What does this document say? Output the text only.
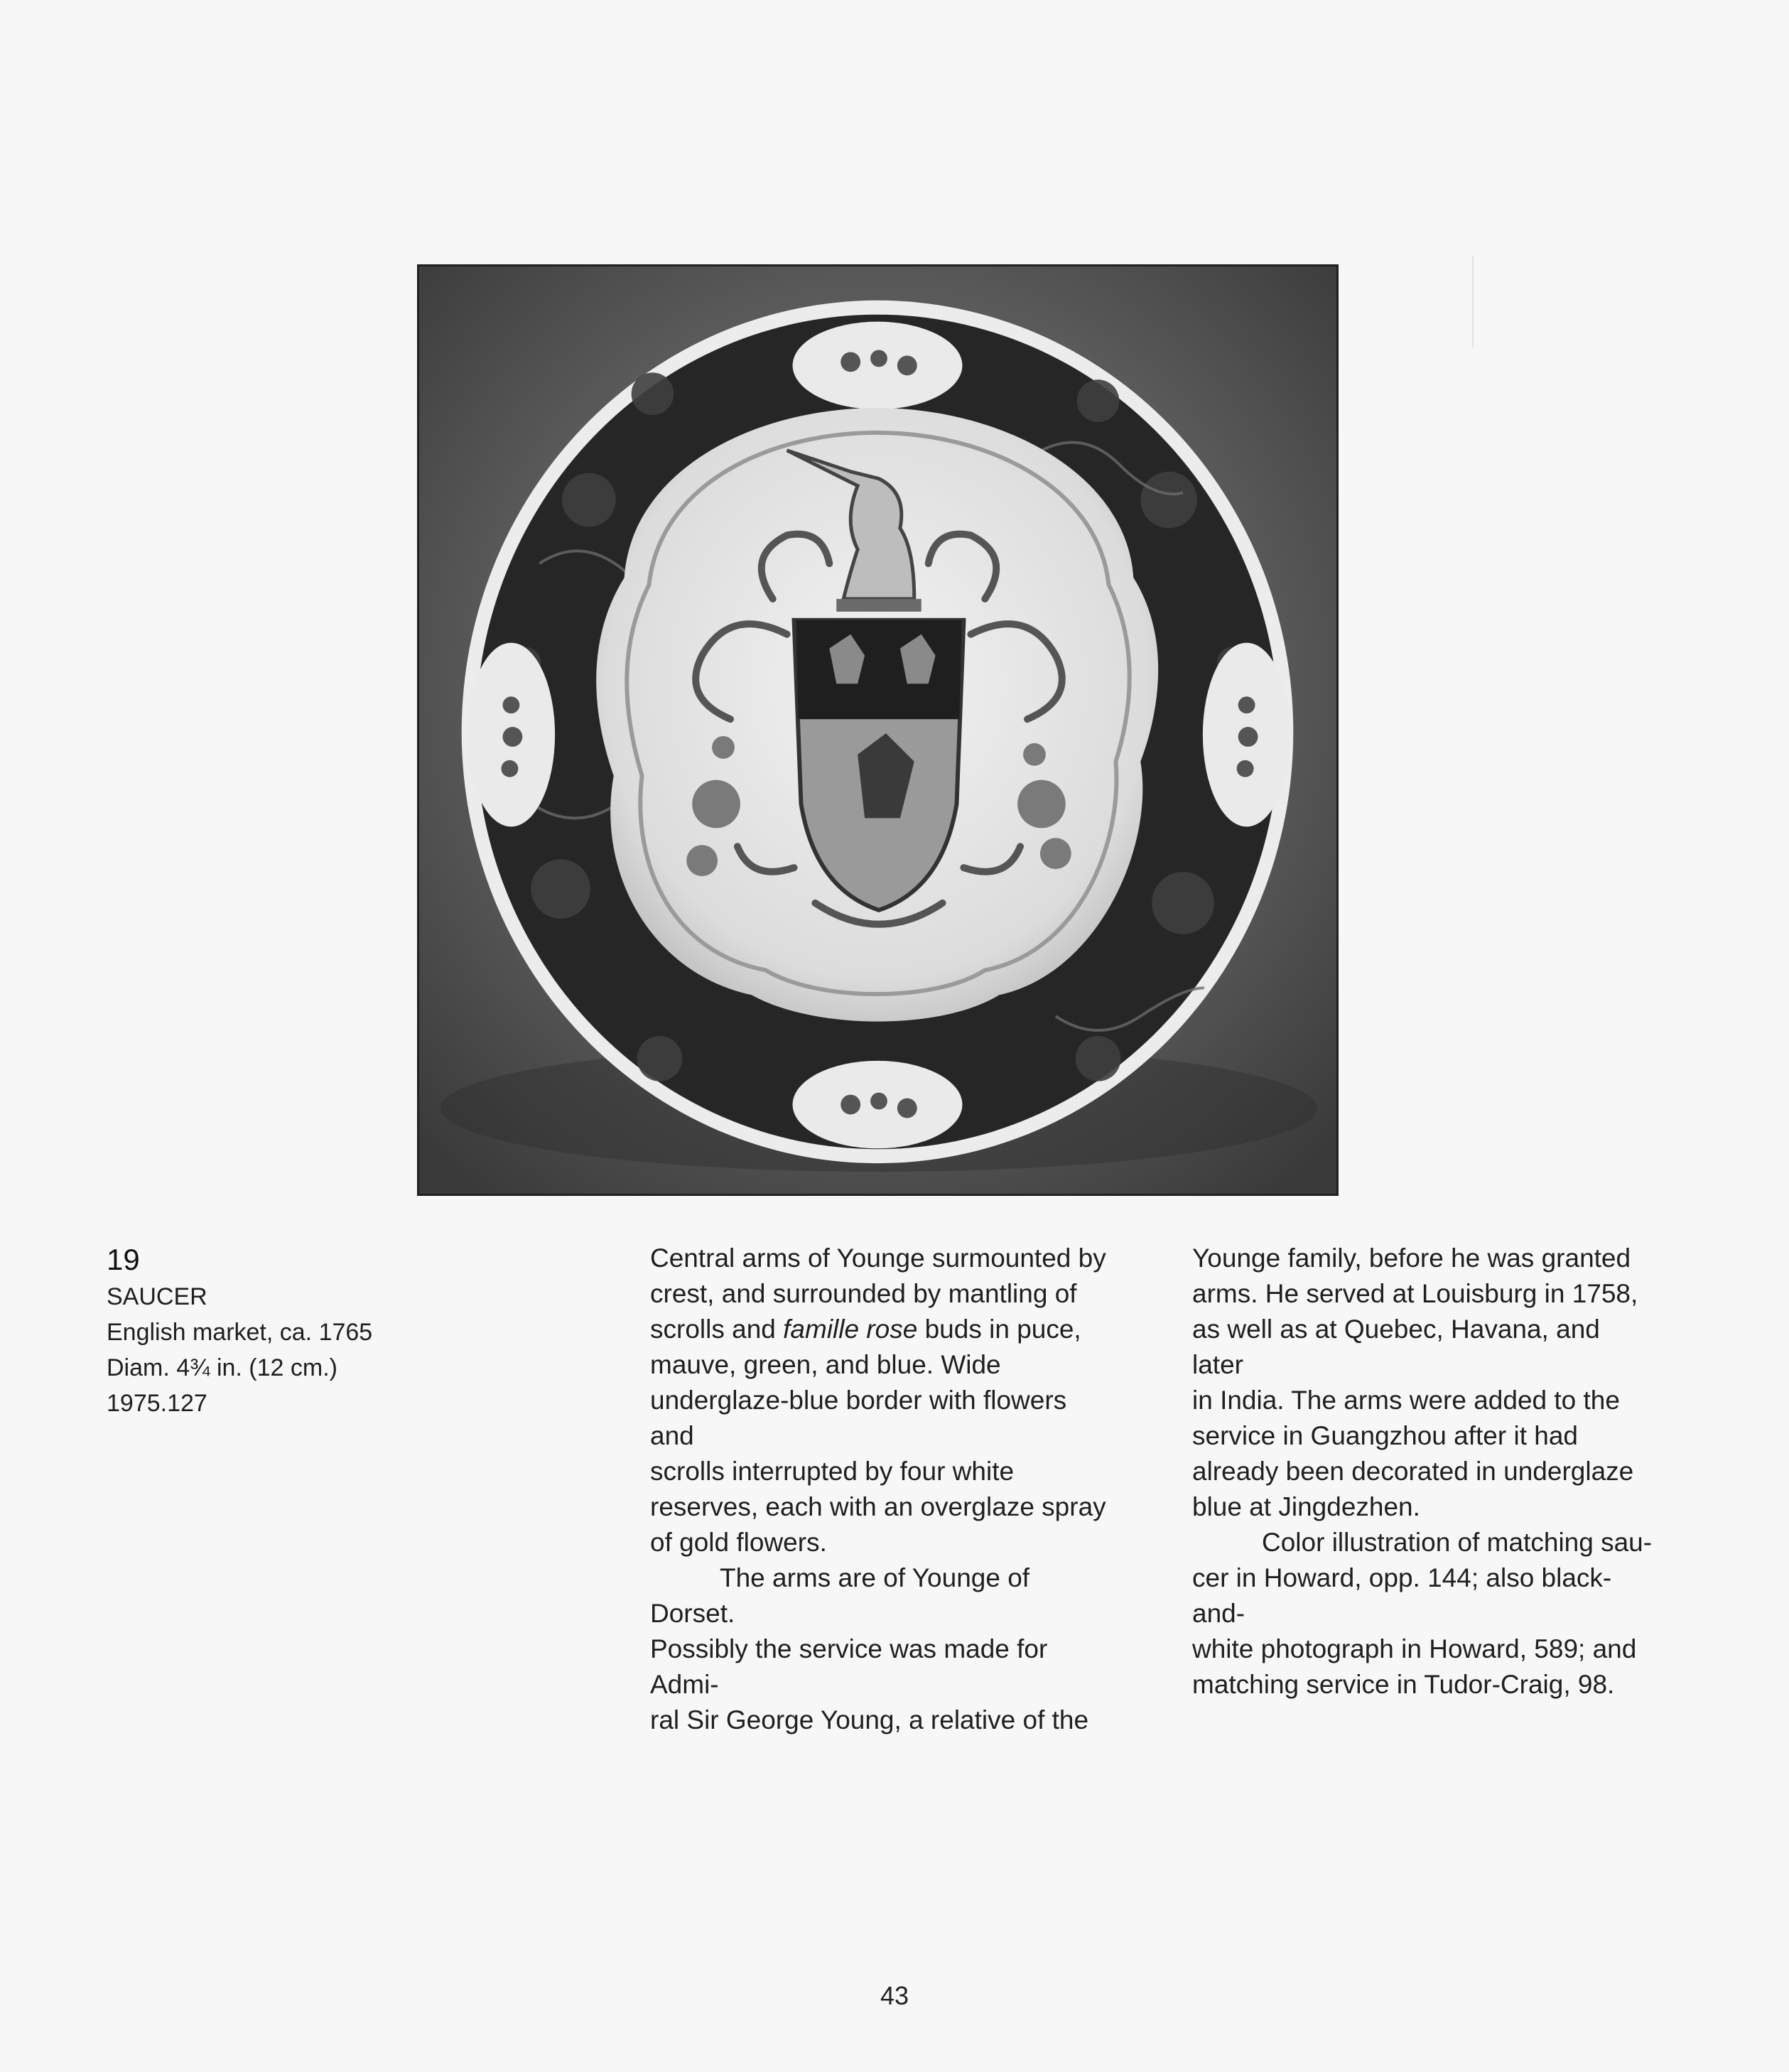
19
SAUCER
English market, ca. 1765
Diam. 4¾ in. (12 cm.)
1975.127

Central arms of Younge surmounted by
crest, and surrounded by mantling of
scrolls and famille rose buds in puce,
mauve, green, and blue. Wide
underglaze-blue border with flowers and
scrolls interrupted by four white
reserves, each with an overglaze spray
of gold flowers.

The arms are of Younge of Dorset.

Possibly the service was made for Admi-
ral Sir George Young, a relative of the

Younge family, before he was granted
arms. He served at Louisburg in 1758,
as well as at Quebec, Havana, and later
in India. The arms were added to the
service in Guangzhou after it had
already been decorated in underglaze
blue at Jingdezhen.

Color illustration of matching sau-

cer in Howard, opp. 144; also black-and-
white photograph in Howard, 589; and
matching service in Tudor-Craig, 98.

43
